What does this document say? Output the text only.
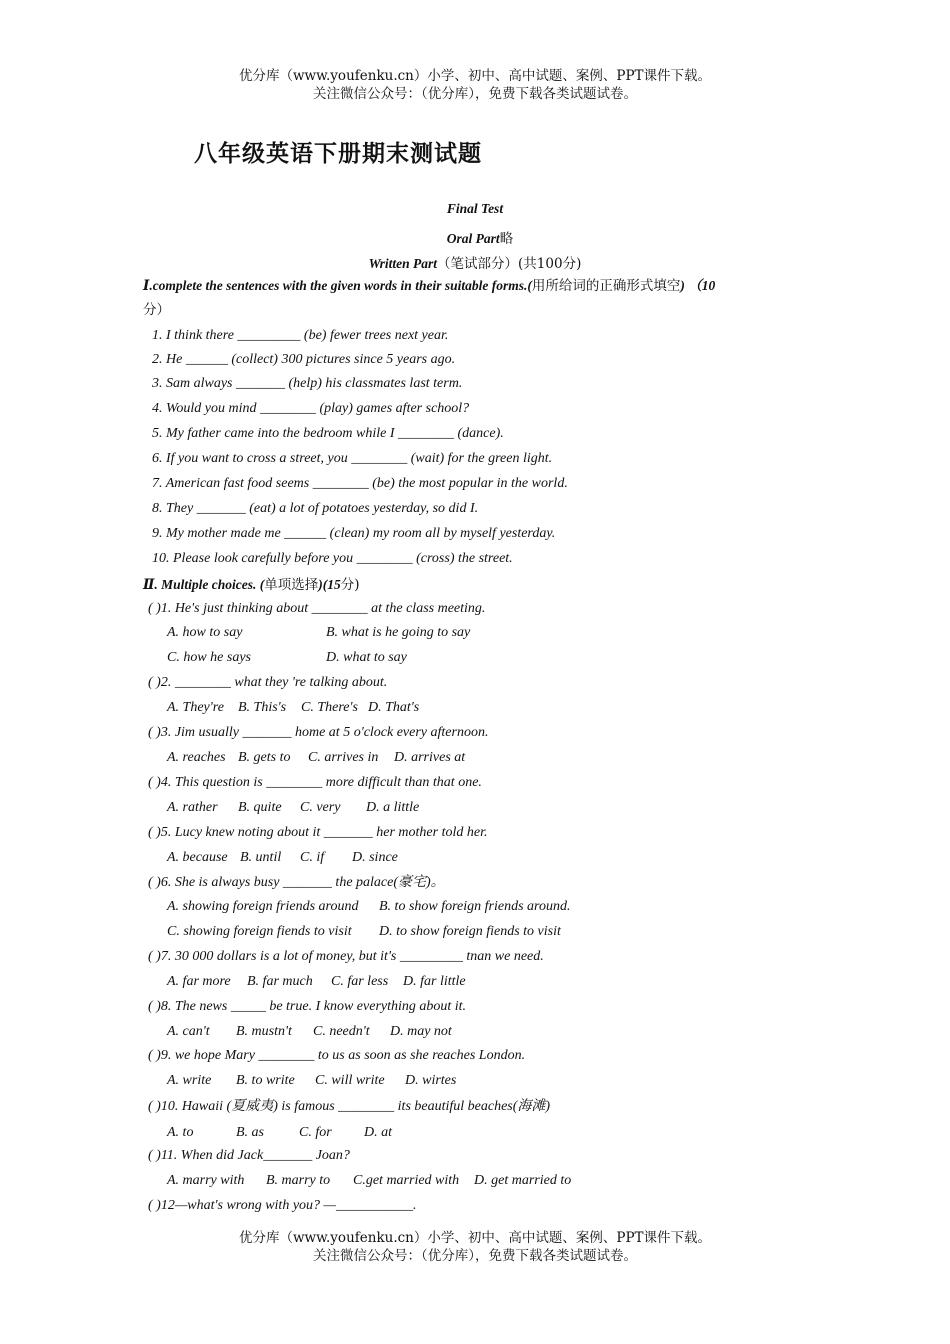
优分库（www.youfenku.cn）小学、初中、高中试题、案例、PPT课件下载。
关注微信公众号：（优分库），免费下载各类试题试卷。
八年级英语下册期末测试题
Final Test
Oral Part略
Written Part（笔试部分）(共100分)
Ⅰ.complete the sentences with the given words in their suitable forms.(用所给词的正确形式填空) （10
分）
1. I think there _________ (be) fewer trees next year.
2. He ______ (collect) 300 pictures since 5 years ago.
3. Sam always _______ (help) his classmates last term.
4. Would you mind ________ (play) games after school?
5. My father came into the bedroom while I ________ (dance).
6. If you want to cross a street, you ________ (wait) for the green light.
7. American fast food seems ________ (be) the most popular in the world.
8. They _______ (eat) a lot of potatoes yesterday, so did I.
9. My mother made me ______ (clean) my room all by myself yesterday.
10. Please look carefully before you ________ (cross) the street.
Ⅱ. Multiple choices. (单项选择)(15分)
( )1. He's just thinking about ________ at the class meeting.
A. how to say	B. what is he going to say
C. how he says	D. what to say
( )2. ________ what they 're talking about.
A. They're B. This's C. There's D. That's
( )3. Jim usually _______ home at 5 o'clock every afternoon.
A. reaches B. gets to C. arrives in D. arrives at
( )4. This question is ________ more difficult than that one.
A. rather B. quite C. very D. a little
( )5. Lucy knew noting about it _______ her mother told her.
A. because B. until C. if D. since
( )6. She is always busy _______ the palace(豪宅)。
A. showing foreign friends around B. to show foreign friends around.
C. showing foreign fiends to visit D. to show foreign fiends to visit
( )7. 30 000 dollars is a lot of money, but it's _________ tnan we need.
A. far more B. far much C. far less D. far little
( )8. The news _____ be true. I know everything about it.
A. can't B. mustn't C. needn't D. may not
( )9. we hope Mary ________ to us as soon as she reaches London.
A. write B. to write C. will write D. wirtes
( )10. Hawaii (夏威夷) is famous ________ its beautiful beaches(海滩)
A. to	B. as	C. for D. at
( )11. When did Jack_______ Joan?
A. marry with B. marry to C.get married with D. get married to
( )12—what's wrong with you? —___________.
优分库（www.youfenku.cn）小学、初中、高中试题、案例、PPT课件下载。
关注微信公众号：（优分库），免费下载各类试题试卷。
